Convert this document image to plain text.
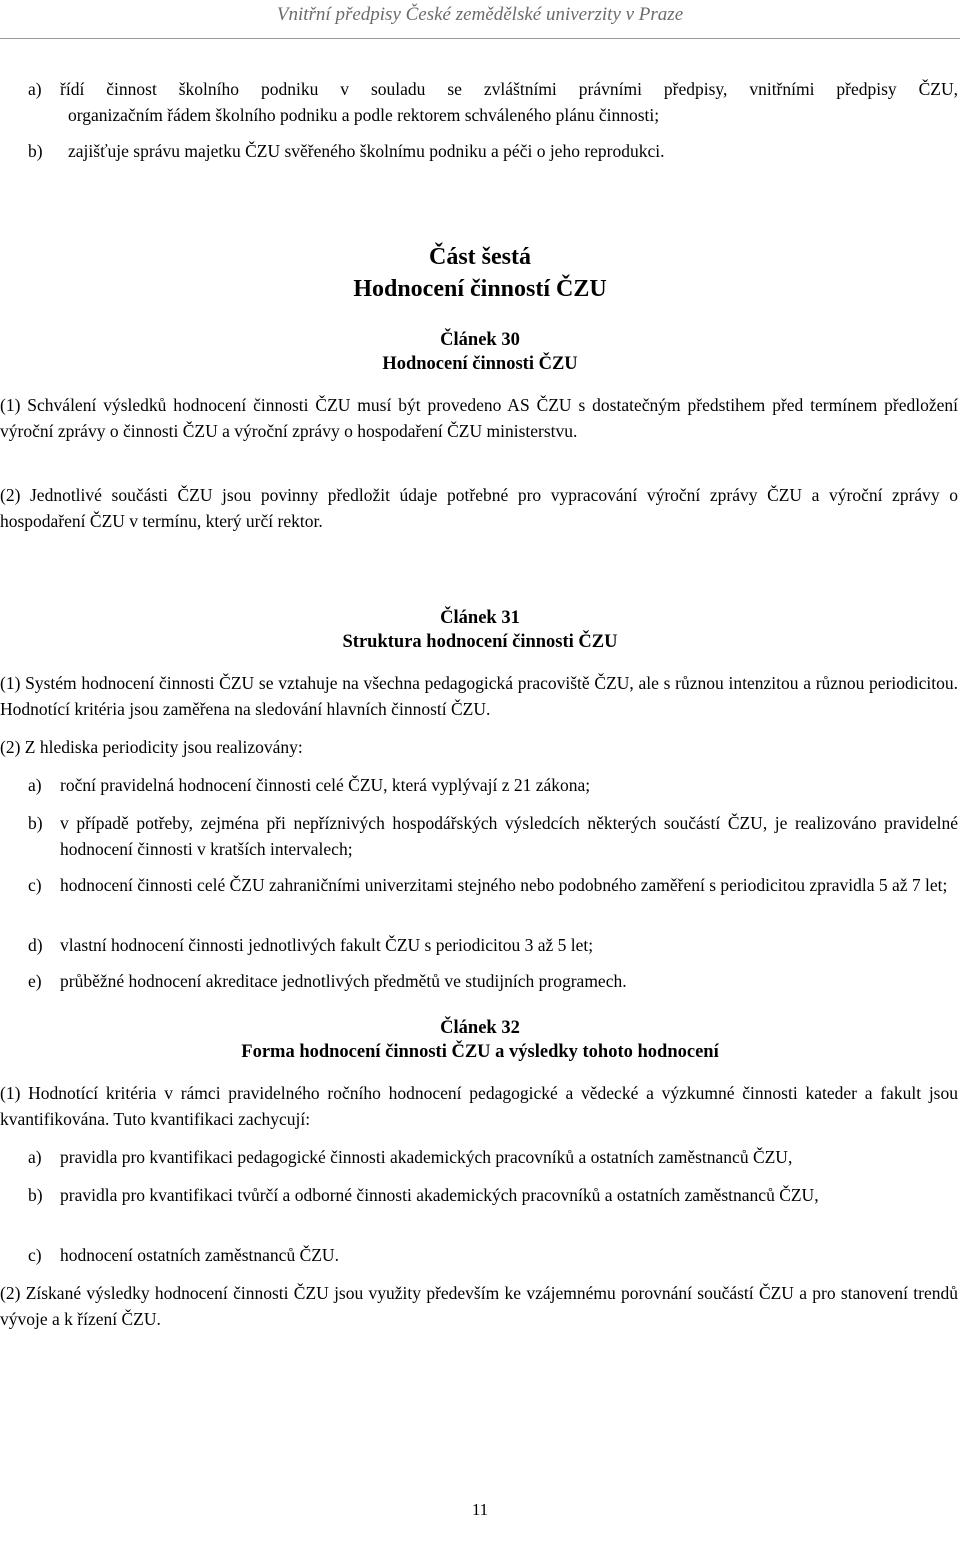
Vnitřní předpisy České zemědělské univerzity v Praze
a) řídí činnost školního podniku v souladu se zvláštními právními předpisy, vnitřními předpisy ČZU,
organizačním řádem školního podniku a podle rektorem schváleného plánu činnosti;
b) zajišťuje správu majetku ČZU svěřeného školnímu podniku a péči o jeho reprodukci.

Část šestá

Hodnocení činností ČZU

Článek 30

Hodnocení činnosti ČZU

(1) Schválení výsledků hodnocení činnosti ČZU musí být provedeno AS ČZU s dostatečným předstihem před termínem předložení výroční zprávy o činnosti ČZU a výroční zprávy o hospodaření ČZU ministerstvu.

(2) Jednotlivé součásti ČZU jsou povinny předložit údaje potřebné pro vypracování výroční zprávy ČZU a výroční zprávy o hospodaření ČZU v termínu, který určí rektor.

Článek 31

Struktura hodnocení činnosti ČZU

(1) Systém hodnocení činnosti ČZU se vztahuje na všechna pedagogická pracoviště ČZU, ale s různou intenzitou a různou periodicitou. Hodnotící kritéria jsou zaměřena na sledování hlavních činností ČZU.

(2) Z hlediska periodicity jsou realizovány:

a) roční pravidelná hodnocení činnosti celé ČZU, která vyplývají z 21 zákona;
b) v případě potřeby, zejména při nepříznivých hospodářských výsledcích některých součástí ČZU, je realizováno pravidelné hodnocení činnosti v kratších intervalech;
c) hodnocení činnosti celé ČZU zahraničními univerzitami stejného nebo podobného zaměření s periodicitou zpravidla 5 až 7 let;
d) vlastní hodnocení činnosti jednotlivých fakult ČZU s periodicitou 3 až 5 let;
e) průběžné hodnocení akreditace jednotlivých předmětů ve studijních programech.

Článek 32

Forma hodnocení činnosti ČZU a výsledky tohoto hodnocení

(1) Hodnotící kritéria v rámci pravidelného ročního hodnocení pedagogické a vědecké a výzkumné činnosti kateder a fakult jsou kvantifikována. Tuto kvantifikaci zachycují:

a) pravidla pro kvantifikaci pedagogické činnosti akademických pracovníků a ostatních zaměstnanců ČZU,
b) pravidla pro kvantifikaci tvůrčí a odborné činnosti akademických pracovníků a ostatních zaměstnanců ČZU,
c) hodnocení ostatních zaměstnanců ČZU.

(2) Získané výsledky hodnocení činnosti ČZU jsou využity především ke vzájemnému porovnání součástí ČZU a pro stanovení trendů vývoje a k řízení ČZU.

11
